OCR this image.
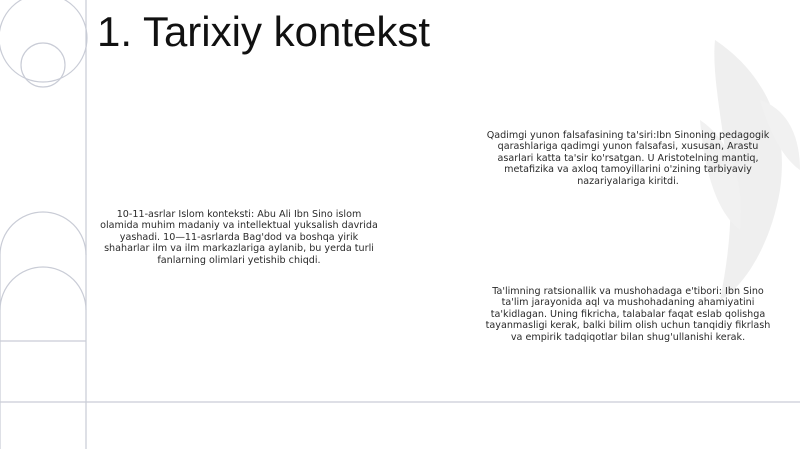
1. Tarixiy kontekst

10-11-asrlar Islom konteksti: Abu Ali Ibn Sino islom olamida muhim madaniy va intellektual yuksalish davrida yashadi. 10—11-asrlarda Bag'dod va boshqa yirik shaharlar ilm va ilm markazlariga aylanib, bu yerda turli fanlarning olimlari yetishib chiqdi.

Qadimgi yunon falsafasining ta'siri:Ibn Sinoning pedagogik qarashlariga qadimgi yunon falsafasi, xususan, Arastu asarlari katta ta'sir ko'rsatgan. U Aristotelning mantiq, metafizika va axloq tamoyillarini o'zining tarbiyaviy nazariyalariga kiritdi.

Ta'limning ratsionallik va mushohadaga e'tibori: Ibn Sino ta'lim jarayonida aql va mushohadaning ahamiyatini ta'kidlagan. Uning fikricha, talabalar faqat eslab qolishga tayanmasligi kerak, balki bilim olish uchun tanqidiy fikrlash va empirik tadqiqotlar bilan shug'ullanishi kerak.
